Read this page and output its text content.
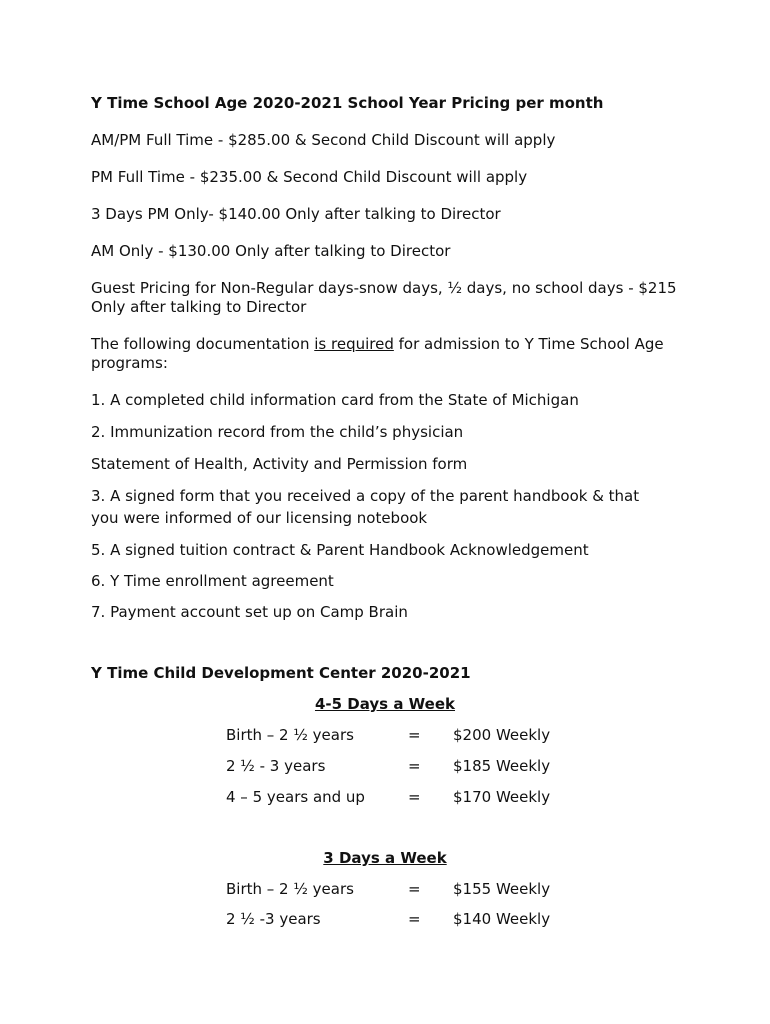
Y Time School Age 2020-2021 School Year Pricing per month

AM/PM Full Time - $285.00 & Second Child Discount will apply

PM Full Time - $235.00 & Second Child Discount will apply

3 Days PM Only- $140.00 Only after talking to Director

AM Only - $130.00 Only after talking to Director

Guest Pricing for Non-Regular days-snow days, ½ days, no school days - $215

Only after talking to Director

The following documentation is required for admission to Y Time School Age

programs:

1. A completed child information card from the State of Michigan

2. Immunization record from the child’s physician

Statement of Health, Activity and Permission form

3. A signed form that you received a copy of the parent handbook & that

you were informed of our licensing notebook

5. A signed tuition contract & Parent Handbook Acknowledgement

6. Y Time enrollment agreement

7. Payment account set up on Camp Brain

Y Time Child Development Center 2020-2021

4-5 Days a Week

Birth – 2 ½ years	= $200 Weekly
2 ½ - 3 years	= $185 Weekly
4 – 5 years and up	= $170 Weekly

3 Days a Week

Birth – 2 ½ years	= $155 Weekly
2 ½ -3 years	= $140 Weekly
